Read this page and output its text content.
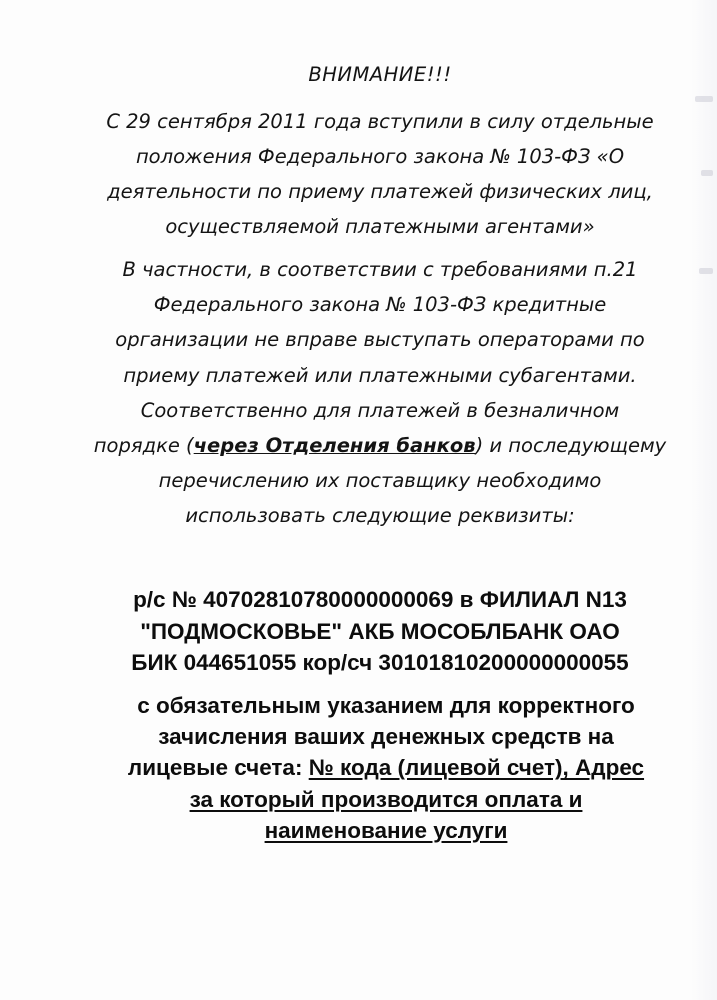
ВНИМАНИЕ!!!
С 29 сентября 2011 года вступили в силу отдельные
положения Федерального закона № 103-ФЗ «О
деятельности по приему платежей физических лиц,
осуществляемой платежными агентами»
В частности, в соответствии с требованиями п.21
Федерального закона № 103-ФЗ кредитные
организации не вправе выступать операторами по
приему платежей или платежными субагентами.
Соответственно для платежей в безналичном
порядке (через Отделения банков) и последующему
перечислению их поставщику необходимо
использовать следующие реквизиты:
р/с № 40702810780000000069 в ФИЛИАЛ N13
"ПОДМОСКОВЬЕ" АКБ МОСОБЛБАНК ОАО
БИК 044651055 кор/сч 30101810200000000055
с обязательным указанием для корректного
зачисления ваших денежных средств на
лицевые счета: № кода (лицевой счет), Адрес
за который производится оплата и
наименование услуги
